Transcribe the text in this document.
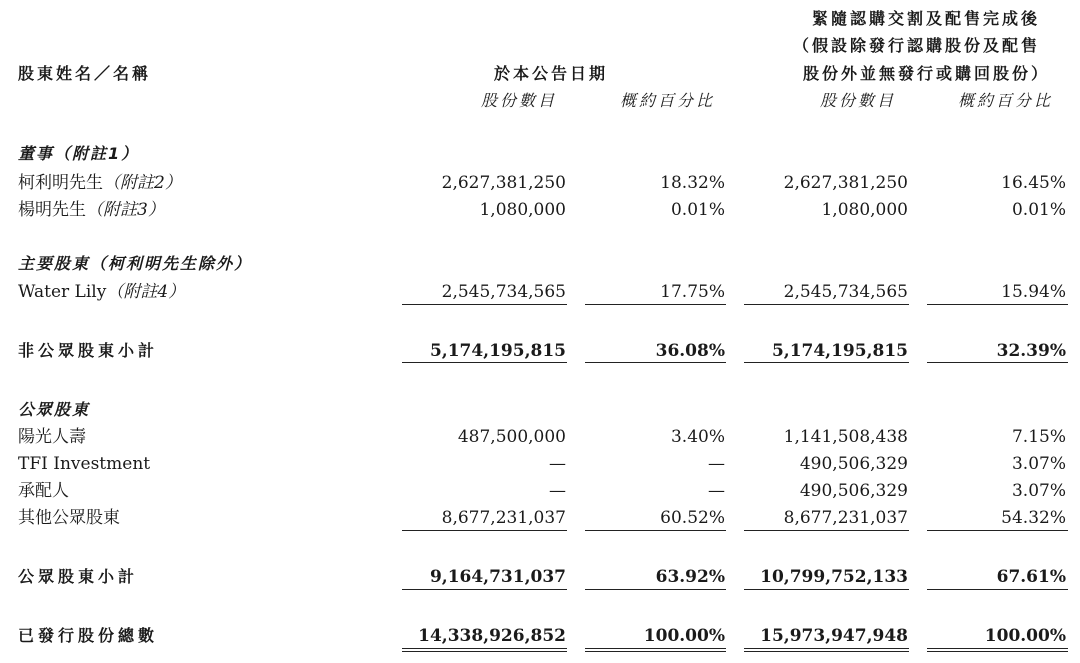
股東姓名／名稱	於本公告日期
緊隨認購交割及配售完成後
（假設除發行認購股份及配售
股份外並無發行或購回股份）
股份數目	概約百分比	股份數目	概約百分比
董事（附註1）
柯利明先生（附註2）	2,627,381,250	18.32%	2,627,381,250	16.45%
楊明先生（附註3）	1,080,000	0.01%	1,080,000	0.01%
主要股東（柯利明先生除外）
Water Lily（附註4）	2,545,734,565	17.75%	2,545,734,565	15.94%
非公眾股東小計	5,174,195,815	36.08%	5,174,195,815	32.39%
公眾股東
陽光人壽	487,500,000	3.40%	1,141,508,438	7.15%
TFI Investment	—	—	490,506,329	3.07%
承配人	—	—	490,506,329	3.07%
其他公眾股東	8,677,231,037	60.52%	8,677,231,037	54.32%
公眾股東小計	9,164,731,037	63.92% 10,799,752,133	67.61%
已發行股份總數	14,338,926,852	100.00% 15,973,947,948	100.00%
